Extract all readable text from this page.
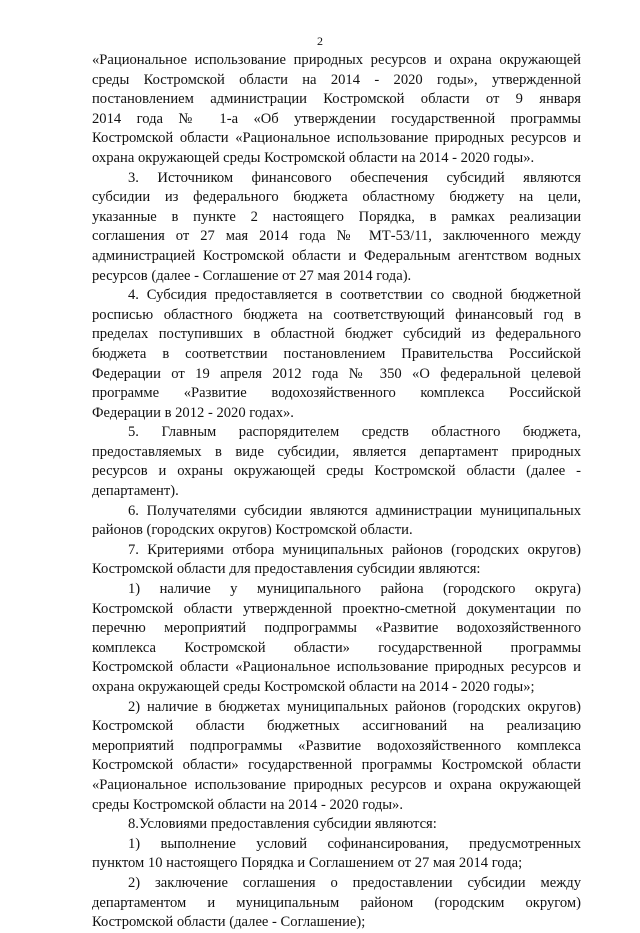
2
«Рациональное использование природных ресурсов и охрана окружающей
среды Костромской области на 2014 - 2020 годы», утвержденной
постановлением администрации Костромской области от 9 января
2014 года № 1-а «Об утверждении государственной программы
Костромской области «Рациональное использование природных ресурсов и
охрана окружающей среды Костромской области на 2014 - 2020 годы».
3. Источником финансового обеспечения субсидий являются
субсидии из федерального бюджета областному бюджету на цели,
указанные в пункте 2 настоящего Порядка, в рамках реализации
соглашения от 27 мая 2014 года № МТ-53/11, заключенного между
администрацией Костромской области и Федеральным агентством водных
ресурсов (далее - Соглашение от 27 мая 2014 года).
4. Субсидия предоставляется в соответствии со сводной бюджетной
росписью областного бюджета на соответствующий финансовый год в
пределах поступивших в областной бюджет субсидий из федерального
бюджета в соответствии постановлением Правительства Российской
Федерации от 19 апреля 2012 года № 350 «О федеральной целевой
программе «Развитие водохозяйственного комплекса Российской
Федерации в 2012 - 2020 годах».
5. Главным распорядителем средств областного бюджета,
предоставляемых в виде субсидии, является департамент природных
ресурсов и охраны окружающей среды Костромской области (далее -
департамент).
6. Получателями субсидии являются администрации муниципальных
районов (городских округов) Костромской области.
7. Критериями отбора муниципальных районов (городских округов)
Костромской области для предоставления субсидии являются:
1) наличие у муниципального района (городского округа)
Костромской области утвержденной проектно-сметной документации по
перечню мероприятий подпрограммы «Развитие водохозяйственного
комплекса Костромской области» государственной программы
Костромской области «Рациональное использование природных ресурсов и
охрана окружающей среды Костромской области на 2014 - 2020 годы»;
2) наличие в бюджетах муниципальных районов (городских округов)
Костромской области бюджетных ассигнований на реализацию
мероприятий подпрограммы «Развитие водохозяйственного комплекса
Костромской области» государственной программы Костромской области
«Рациональное использование природных ресурсов и охрана окружающей
среды Костромской области на 2014 - 2020 годы».
8.Условиями предоставления субсидии являются:
1) выполнение условий софинансирования, предусмотренных
пунктом 10 настоящего Порядка и Соглашением от 27 мая 2014 года;
2) заключение соглашения о предоставлении субсидии между
департаментом и муниципальным районом (городским округом)
Костромской области (далее - Соглашение);
